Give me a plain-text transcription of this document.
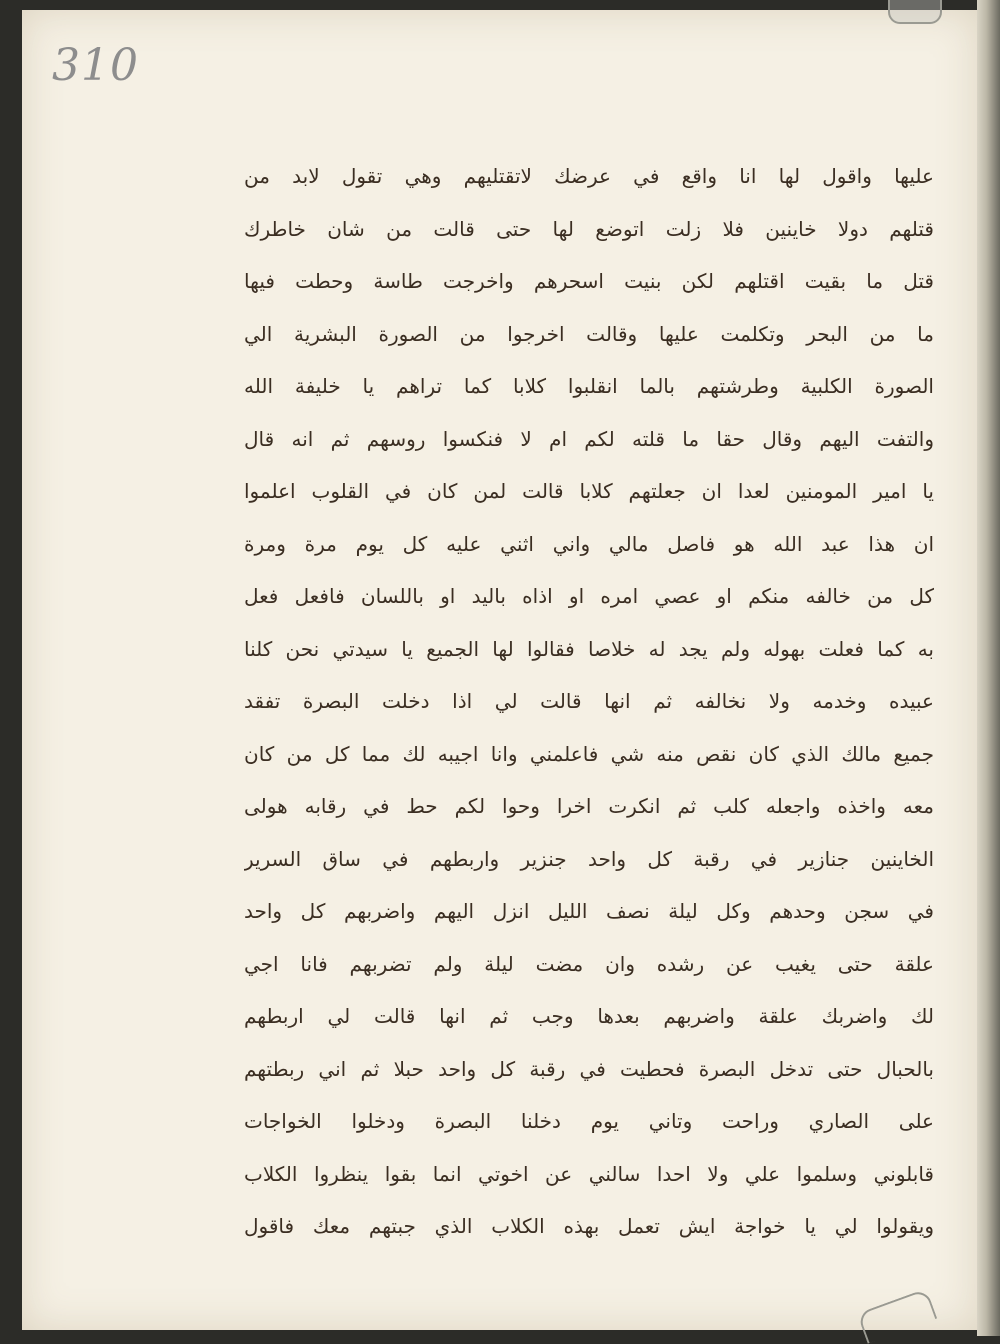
310
عليها واقول لها انا واقع في عرضك لاتقتليهم وهي تقول لابد من
قتلهم دولا خاينين فلا زلت اتوضع لها حتى قالت من شان خاطرك
قتل ما بقيت اقتلهم لكن بنيت اسحرهم واخرجت طاسة وحطت فيها
ما من البحر وتكلمت عليها وقالت اخرجوا من الصورة البشرية الي
الصورة الكلبية وطرشتهم بالما انقلبوا كلابا كما تراهم يا خليفة الله
والتفت اليهم وقال حقا ما قلته لكم ام لا فنكسوا روسهم ثم انه قال
يا امير المومنين لعدا ان جعلتهم كلابا قالت لمن كان في القلوب اعلموا
ان هذا عبد الله هو فاصل مالي واني اثني عليه كل يوم مرة ومرة
كل من خالفه منكم او عصي امره او اذاه باليد او باللسان فافعل فعل
به كما فعلت بهوله ولم يجد له خلاصا فقالوا لها الجميع يا سيدتي نحن كلنا
عبيده وخدمه ولا نخالفه ثم انها قالت لي اذا دخلت البصرة تفقد
جميع مالك الذي كان نقص منه شي فاعلمني وانا اجيبه لك مما كل من كان
معه واخذه واجعله كلب ثم انكرت اخرا وحوا لكم حط في رقابه هولى
الخاينين جنازير في رقبة كل واحد جنزير واربطهم في ساق السرير
في سجن وحدهم وكل ليلة نصف الليل انزل اليهم واضربهم كل واحد
علقة حتى يغيب عن رشده وان مضت ليلة ولم تضربهم فانا اجي
لك واضربك علقة واضربهم بعدها وجب ثم انها قالت لي اربطهم
بالحبال حتى تدخل البصرة فحطيت في رقبة كل واحد حبلا ثم اني ربطتهم
على الصاري وراحت وتاني يوم دخلنا البصرة ودخلوا الخواجات
قابلوني وسلموا علي ولا احدا سالني عن اخوتي انما بقوا ينظروا الكلاب
ويقولوا لي يا خواجة ايش تعمل بهذه الكلاب الذي جبتهم معك فاقول
